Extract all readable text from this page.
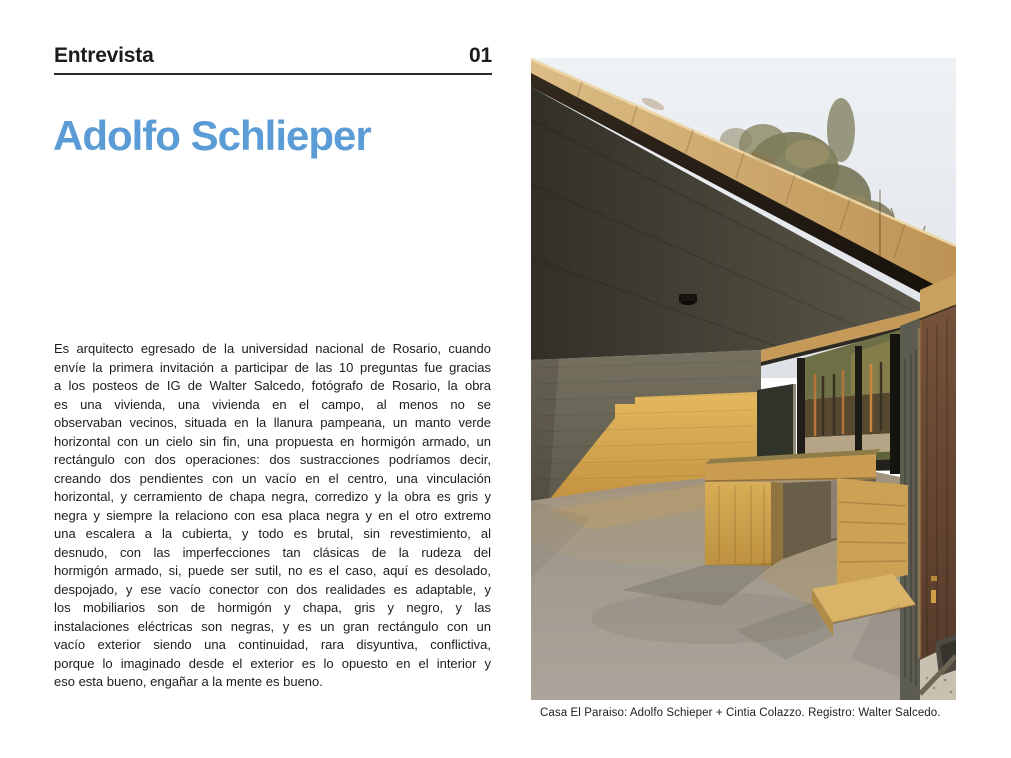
Entrevista	01
Adolfo Schlieper
Es arquitecto egresado de la universidad nacional de Rosario, cuando
envíe la primera invitación a participar de las 10 preguntas fue gracias
a los posteos de IG de Walter Salcedo, fotógrafo de Rosario, la obra
es una vivienda, una vivienda en el campo, al menos no se
observaban vecinos, situada en la llanura pampeana, un manto verde
horizontal con un cielo sin fin, una propuesta en hormigón armado, un
rectángulo con dos operaciones: dos sustracciones podríamos decir,
creando dos pendientes con un vacío en el centro, una vinculación
horizontal, y cerramiento de chapa negra, corredizo y la obra es gris y
negra y siempre la relaciono con esa placa negra y en el otro extremo
una escalera a la cubierta, y todo es brutal, sin revestimiento, al
desnudo, con las imperfecciones tan clásicas de la rudeza del
hormigón armado, si, puede ser sutil, no es el caso, aquí es desolado,
despojado, y ese vacío conector con dos realidades es adaptable, y
los mobiliarios son de hormigón y chapa, gris y negro, y las
instalaciones eléctricas son negras, y es un gran rectángulo con un
vacío exterior siendo una continuidad, rara disyuntiva, conflictiva,
porque lo imaginado desde el exterior es lo opuesto en el interior y
eso esta bueno, engañar a la mente es bueno.
Casa El Paraiso: Adolfo Schieper + Cintia Colazzo. Registro: Walter Salcedo.
